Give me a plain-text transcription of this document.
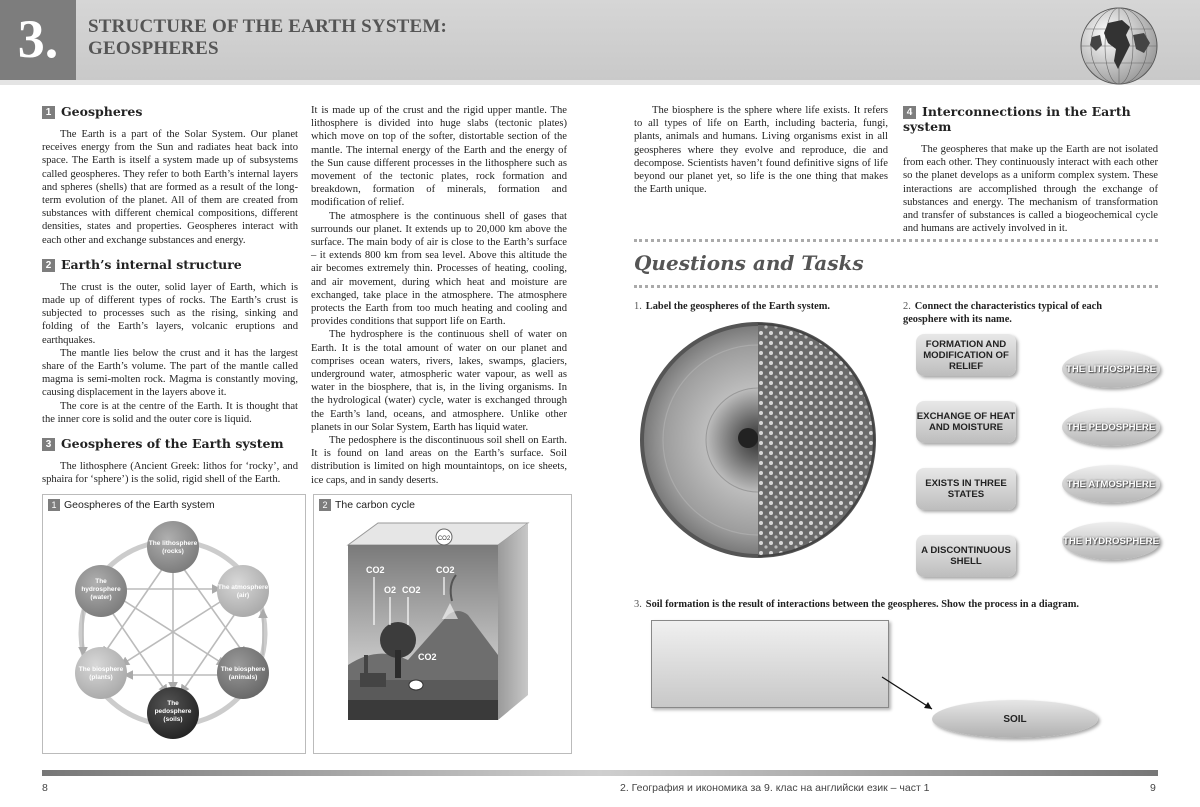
3.	STRUCTURE OF THE EARTH SYSTEM:
GEOSPHERES
1 Geospheres

The Earth is a part of the Solar System. Our planet receives energy from the Sun and radiates heat back into space. The Earth is itself a system made up of subsystems called geospheres. They refer to both Earth’s internal layers and spheres (shells) that are formed as a result of the long-term evolution of the planet. All of them are created from substances with different chemical compositions, different densities, states and properties. Geospheres interact with each other and exchange substances and energy.

2 Earth’s internal structure

The crust is the outer, solid layer of Earth, which is made up of different types of rocks. The Earth’s crust is subjected to processes such as the rising, sinking and folding of the Earth’s layers, volcanic eruptions and earthquakes.

The mantle lies below the crust and it has the largest share of the Earth’s volume. The part of the mantle called magma is semi-molten rock. Magma is constantly moving, causing displacement in the layers above it.

The core is at the centre of the Earth. It is thought that the inner core is solid and the outer core is liquid.

3 Geospheres of the Earth system

The lithosphere (Ancient Greek: lithos for ‘rocky’, and sphaira for ‘sphere’) is the solid, rigid shell of the Earth.

It is made up of the crust and the rigid upper mantle. The lithosphere is divided into huge slabs (tectonic plates) which move on top of the softer, distortable section of the mantle. The internal energy of the Earth and the energy of the Sun cause different processes in the lithosphere such as movement of the tectonic plates, rock formation and breakdown, formation of minerals, formation and modification of relief.

The atmosphere is the continuous shell of gases that surrounds our planet. It extends up to 20,000 km above the surface. The main body of air is close to the Earth’s surface – it extends 800 km from sea level. Above this altitude the air becomes extremely thin. Processes of heating, cooling, and air movement, during which heat and moisture are exchanged, take place in the atmosphere. The atmosphere protects the Earth from too much heating and cooling and provides conditions that support life on Earth.

The hydrosphere is the continuous shell of water on Earth. It is the total amount of water on our planet and comprises ocean waters, rivers, lakes, swamps, glaciers, underground water, atmospheric water vapour, as well as water in the biosphere, that is, in the living organisms. In the hydrological (water) cycle, water is exchanged through the Earth’s land, oceans, and atmosphere. Unlike other planets in our Solar System, Earth has liquid water.

The pedosphere is the discontinuous soil shell on Earth. It is found on land areas on the Earth’s surface. Soil distribution is limited on high mountaintops, on ice sheets, ice caps, and in sandy deserts.

The biosphere is the sphere where life exists. It refers to all types of life on Earth, including bacteria, fungi, plants, animals and humans. Living organisms exist in all geospheres where they evolve and reproduce, die and decompose. Scientists haven’t found definitive signs of life beyond our planet yet, so life is the one thing that makes the Earth unique.

4 Interconnections in the Earth system

The geospheres that make up the Earth are not isolated from each other. They continuously interact with each other so the planet develops as a uniform complex system. These interactions are accomplished through the exchange of substances and energy. The mechanism of transformation and transfer of substances is called a biogeochemical cycle and humans are actively involved in it.

1 Geospheres of the Earth system
The lithosphere
(rocks)
The atmosphere
(air)
The biosphere
(animals)
The
pedosphere
(soils)
The biosphere
(plants)
The
hydrosphere
(water)
2 The carbon cycle
CO2
CO2
O2 CO2
CO2
CO2
Questions and Tasks
1. Label the geospheres of the Earth system.	2. Connect the characteristics typical of each geosphere with its name.
FORMATION AND MODIFICATION OF RELIEF
EXCHANGE OF HEAT AND MOISTURE
EXISTS IN THREE STATES
A DISCONTINUOUS SHELL
THE LITHOSPHERE
THE PEDOSPHERE
THE ATMOSPHERE
THE HYDROSPHERE
3. Soil formation is the result of interactions between the geospheres. Show the process in a diagram.
SOIL
8	2. География и икономика за 9. клас на английски език – част 1	9
